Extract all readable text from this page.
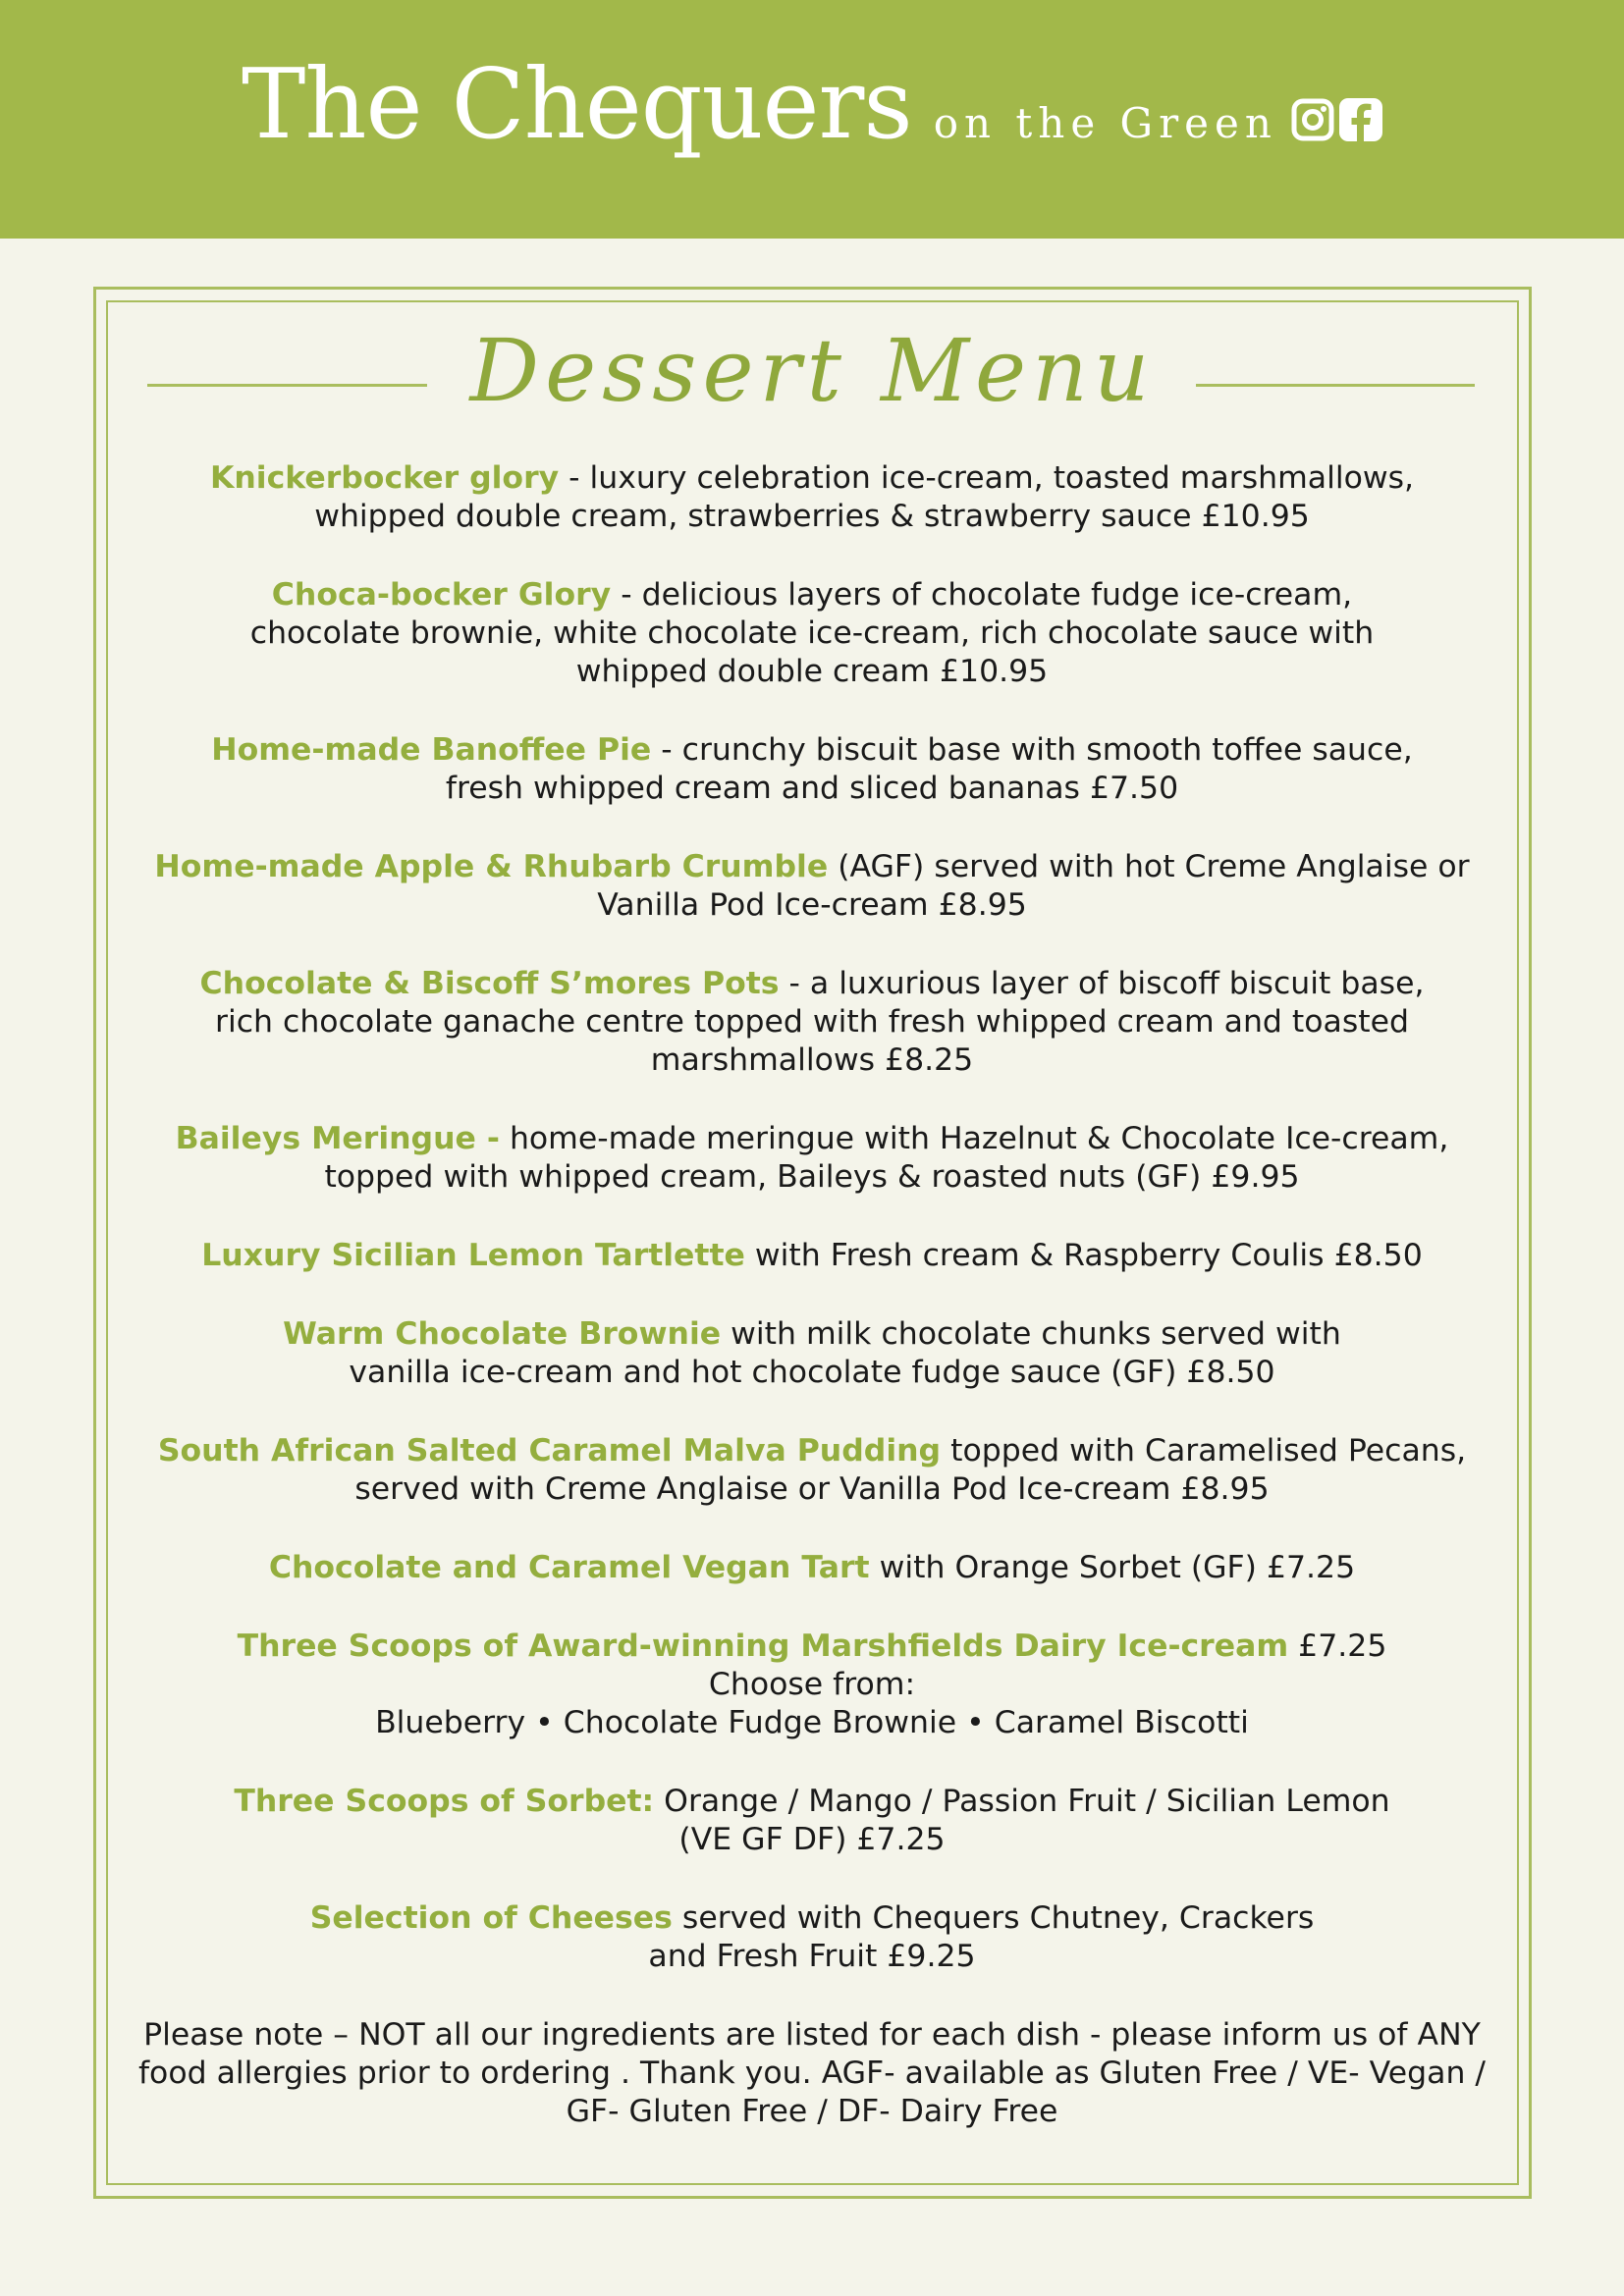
The Chequers on the Green
Dessert Menu
Knickerbocker glory - luxury celebration ice-cream, toasted marshmallows,
whipped double cream, strawberries & strawberry sauce £10.95
Choca-bocker Glory - delicious layers of chocolate fudge ice-cream,
chocolate brownie, white chocolate ice-cream, rich chocolate sauce with
whipped double cream £10.95
Home-made Banoffee Pie - crunchy biscuit base with smooth toffee sauce,
fresh whipped cream and sliced bananas £7.50
Home-made Apple & Rhubarb Crumble (AGF) served with hot Creme Anglaise or
Vanilla Pod Ice-cream £8.95
Chocolate & Biscoff S’mores Pots - a luxurious layer of biscoff biscuit base,
rich chocolate ganache centre topped with fresh whipped cream and toasted
marshmallows £8.25
Baileys Meringue - home-made meringue with Hazelnut & Chocolate Ice-cream,
topped with whipped cream, Baileys & roasted nuts (GF) £9.95
Luxury Sicilian Lemon Tartlette with Fresh cream & Raspberry Coulis £8.50
Warm Chocolate Brownie with milk chocolate chunks served with
vanilla ice-cream and hot chocolate fudge sauce (GF) £8.50
South African Salted Caramel Malva Pudding topped with Caramelised Pecans,
served with Creme Anglaise or Vanilla Pod Ice-cream £8.95
Chocolate and Caramel Vegan Tart with Orange Sorbet (GF) £7.25
Three Scoops of Award-winning Marshfields Dairy Ice-cream £7.25
Choose from:
Blueberry • Chocolate Fudge Brownie • Caramel Biscotti
Three Scoops of Sorbet: Orange / Mango / Passion Fruit / Sicilian Lemon
(VE GF DF) £7.25
Selection of Cheeses served with Chequers Chutney, Crackers
and Fresh Fruit £9.25
Please note – NOT all our ingredients are listed for each dish - please inform us of ANY food allergies prior to ordering . Thank you. AGF- available as Gluten Free / VE- Vegan / GF- Gluten Free / DF- Dairy Free
